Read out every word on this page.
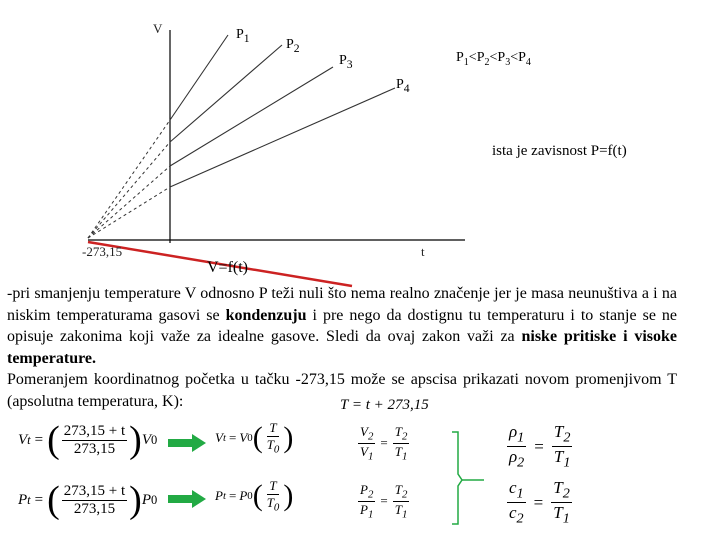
V
t
-273,15
$P_1$	$P_2$
$P_3$
$P_4$
$P_1<P_2<P_3<P_4$
ista je zavisnost P=f(t)
V=f(t)

-pri smanjenju temperature V odnosno P teži nuli što nema realno značenje jer je masa neunuštiva a i na niskim temperaturama gasovi se kondenzuju i pre nego da dostignu tu temperaturu i to stanje se ne opisuje zakonima koji važe za idealne gasove. Sledi da ovaj zakon važi za niske pritiske i visoke temperature.

Pomeranjem koordinatnog početka u tačku -273,15 može se apscisa prikazati novom promenjivom T (apsolutna temperatura, K):	T = t + 273,15
V t = ( $\frac{273,15 + t}{273,15}$ ) V 0	V t = V 0 ( $\frac{T}{T_0}$ )	$\frac{V_2}{V_1} = \frac{T_2}{T_1}$
P t = ( $\frac{273,15 + t}{273,15}$ ) P 0	P t = P 0 ( $\frac{T}{T_0}$ )	$\frac{P_2}{P_1} = \frac{T_2}{T_1}$
$\frac{\rho_1}{\rho_2} = \frac{T_2}{T_1}$
$\frac{c_1}{c_2} = \frac{T_2}{T_1}$
